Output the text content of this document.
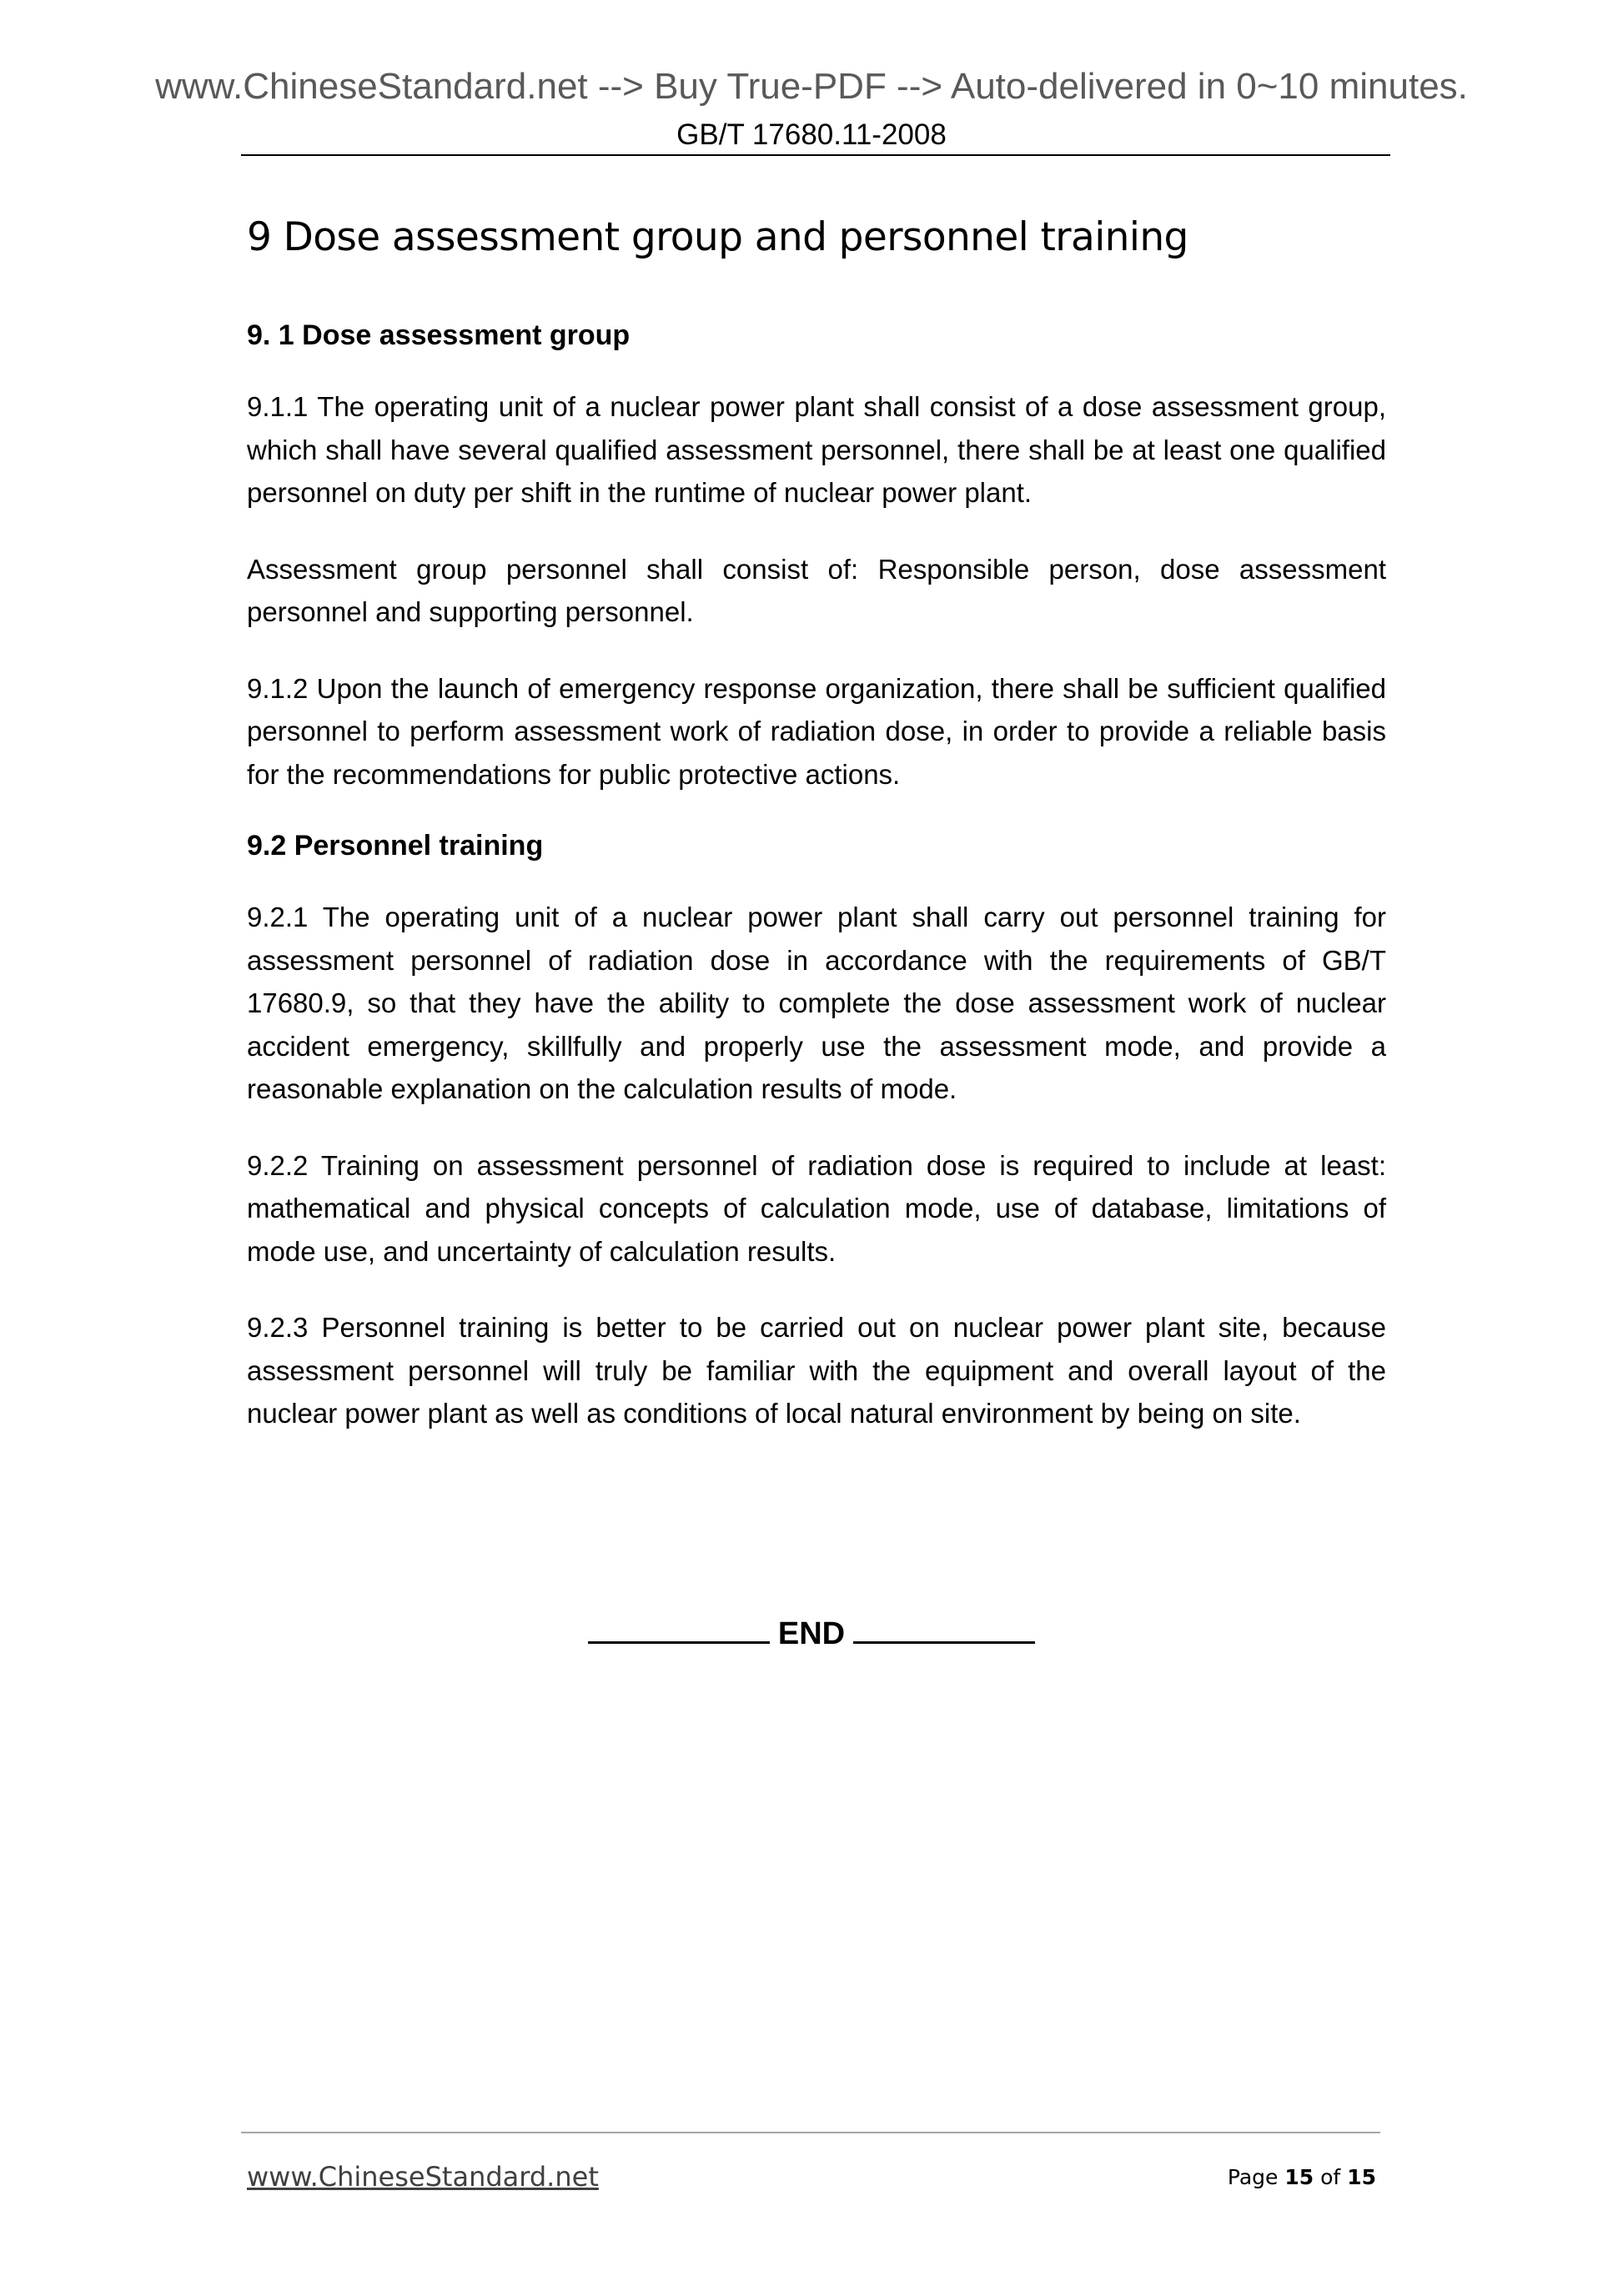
www.ChineseStandard.net --> Buy True-PDF --> Auto-delivered in 0~10 minutes.
GB/T 17680.11-2008
9 Dose assessment group and personnel training
9. 1 Dose assessment group

9.1.1 The operating unit of a nuclear power plant shall consist of a dose assessment group, which shall have several qualified assessment personnel, there shall be at least one qualified personnel on duty per shift in the runtime of nuclear power plant.

Assessment group personnel shall consist of: Responsible person, dose assessment personnel and supporting personnel.

9.1.2 Upon the launch of emergency response organization, there shall be sufficient qualified personnel to perform assessment work of radiation dose, in order to provide a reliable basis for the recommendations for public protective actions.

9.2 Personnel training

9.2.1 The operating unit of a nuclear power plant shall carry out personnel training for assessment personnel of radiation dose in accordance with the requirements of GB/T 17680.9, so that they have the ability to complete the dose assessment work of nuclear accident emergency, skillfully and properly use the assessment mode, and provide a reasonable explanation on the calculation results of mode.

9.2.2 Training on assessment personnel of radiation dose is required to include at least: mathematical and physical concepts of calculation mode, use of database, limitations of mode use, and uncertainty of calculation results.

9.2.3 Personnel training is better to be carried out on nuclear power plant site, because assessment personnel will truly be familiar with the equipment and overall layout of the nuclear power plant as well as conditions of local natural environment by being on site.

END
www.ChineseStandard.net	Page 15 of 15
